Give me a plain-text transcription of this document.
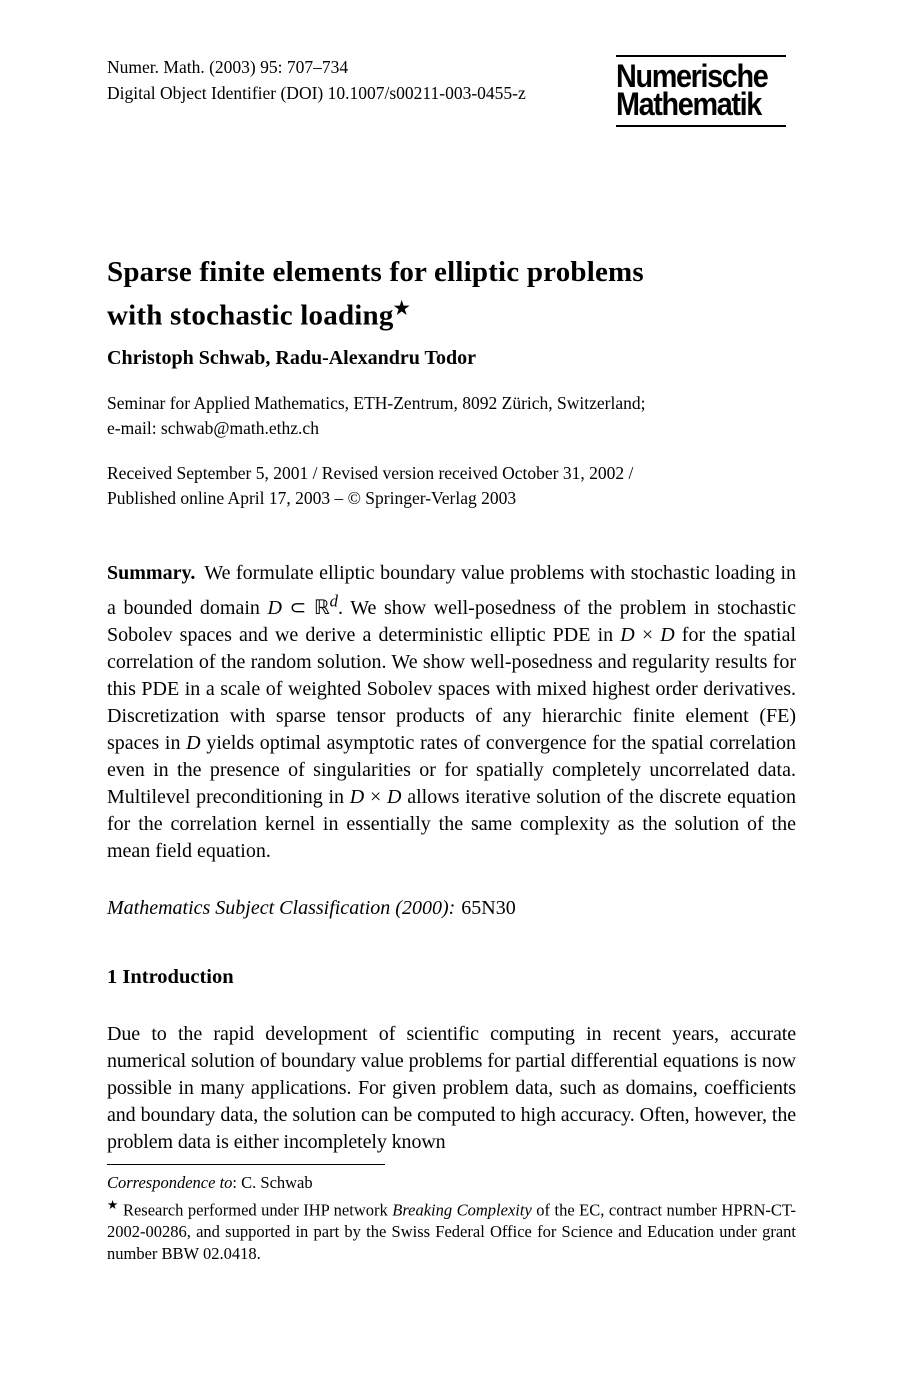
Numer. Math. (2003) 95: 707–734
Digital Object Identifier (DOI) 10.1007/s00211-003-0455-z	Numerische
Mathematik
Sparse finite elements for elliptic problems
with stochastic loading★
Christoph Schwab, Radu-Alexandru Todor
Seminar for Applied Mathematics, ETH-Zentrum, 8092 Zürich, Switzerland;
e-mail: schwab@math.ethz.ch
Received September 5, 2001 / Revised version received October 31, 2002 /
Published online April 17, 2003 – © Springer-Verlag 2003

Summary. We formulate elliptic boundary value problems with stochastic loading in a bounded domain D ⊂ ℝ$^d$. We show well-posedness of the problem in stochastic Sobolev spaces and we derive a deterministic elliptic PDE in D × D for the spatial correlation of the random solution. We show well-posedness and regularity results for this PDE in a scale of weighted Sobolev spaces with mixed highest order derivatives. Discretization with sparse tensor products of any hierarchic finite element (FE) spaces in D yields optimal asymptotic rates of convergence for the spatial correlation even in the presence of singularities or for spatially completely uncorrelated data. Multilevel preconditioning in D × D allows iterative solution of the discrete equation for the correlation kernel in essentially the same complexity as the solution of the mean field equation.

Mathematics Subject Classification (2000): 65N30

1 Introduction

Due to the rapid development of scientific computing in recent years, accurate numerical solution of boundary value problems for partial differential equations is now possible in many applications. For given problem data, such as domains, coefficients and boundary data, the solution can be computed to high accuracy. Often, however, the problem data is either incompletely known

Correspondence to: C. Schwab

★ Research performed under IHP network Breaking Complexity of the EC, contract number HPRN-CT-2002-00286, and supported in part by the Swiss Federal Office for Science and Education under grant number BBW 02.0418.
